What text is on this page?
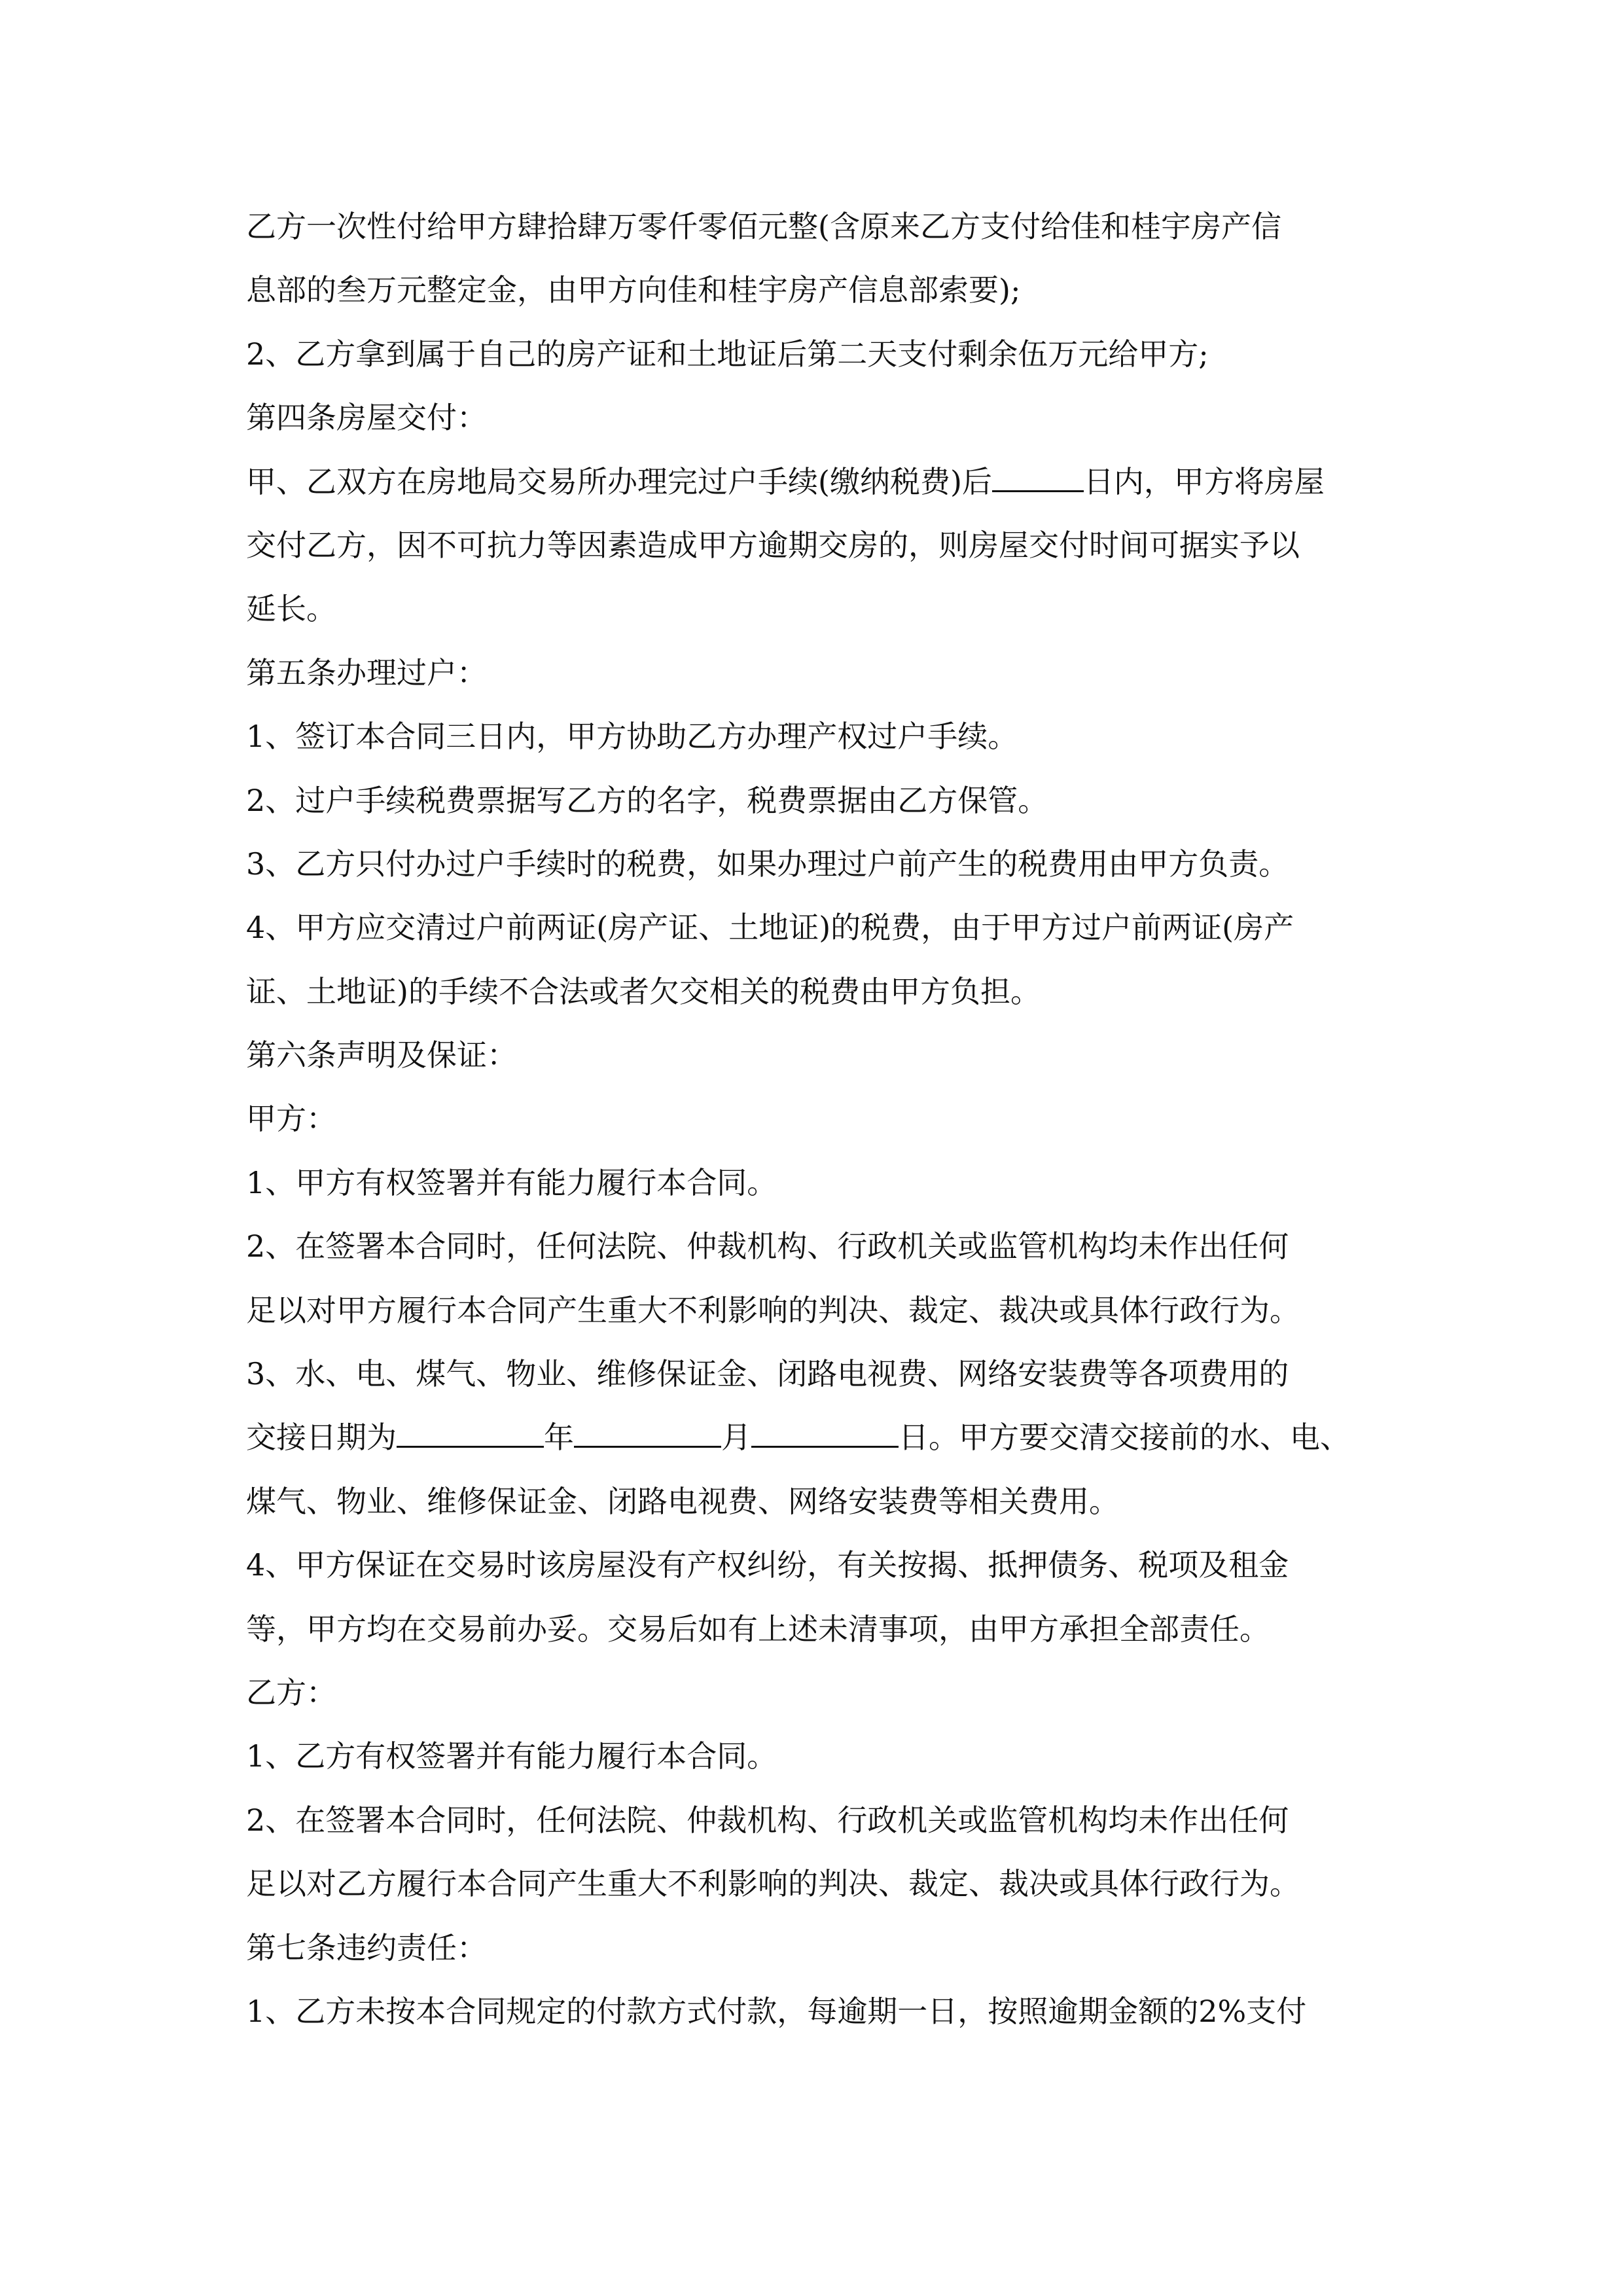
乙方一次性付给甲方肆拾肆万零仟零佰元整(含原来乙方支付给佳和桂宇房产信
息部的叁万元整定金，由甲方向佳和桂宇房产信息部索要);
2、乙方拿到属于自己的房产证和土地证后第二天支付剩余伍万元给甲方;
第四条房屋交付：
甲、乙双方在房地局交易所办理完过户手续(缴纳税费)后	日内，甲方将房屋
交付乙方，因不可抗力等因素造成甲方逾期交房的，则房屋交付时间可据实予以
延长。
第五条办理过户：
1、签订本合同三日内，甲方协助乙方办理产权过户手续。
2、过户手续税费票据写乙方的名字，税费票据由乙方保管。
3、乙方只付办过户手续时的税费，如果办理过户前产生的税费用由甲方负责。
4、甲方应交清过户前两证(房产证、土地证)的税费，由于甲方过户前两证(房产
证、土地证)的手续不合法或者欠交相关的税费由甲方负担。
第六条声明及保证：
甲方：
1、甲方有权签署并有能力履行本合同。
2、在签署本合同时，任何法院、仲裁机构、行政机关或监管机构均未作出任何
足以对甲方履行本合同产生重大不利影响的判决、裁定、裁决或具体行政行为。
3、水、电、煤气、物业、维修保证金、闭路电视费、网络安装费等各项费用的
交接日期为	年	月	日。甲方要交清交接前的水、电、
煤气、物业、维修保证金、闭路电视费、网络安装费等相关费用。
4、甲方保证在交易时该房屋没有产权纠纷，有关按揭、抵押债务、税项及租金
等，甲方均在交易前办妥。交易后如有上述未清事项，由甲方承担全部责任。
乙方：
1、乙方有权签署并有能力履行本合同。
2、在签署本合同时，任何法院、仲裁机构、行政机关或监管机构均未作出任何
足以对乙方履行本合同产生重大不利影响的判决、裁定、裁决或具体行政行为。
第七条违约责任：
1、乙方未按本合同规定的付款方式付款，每逾期一日，按照逾期金额的2%支付
